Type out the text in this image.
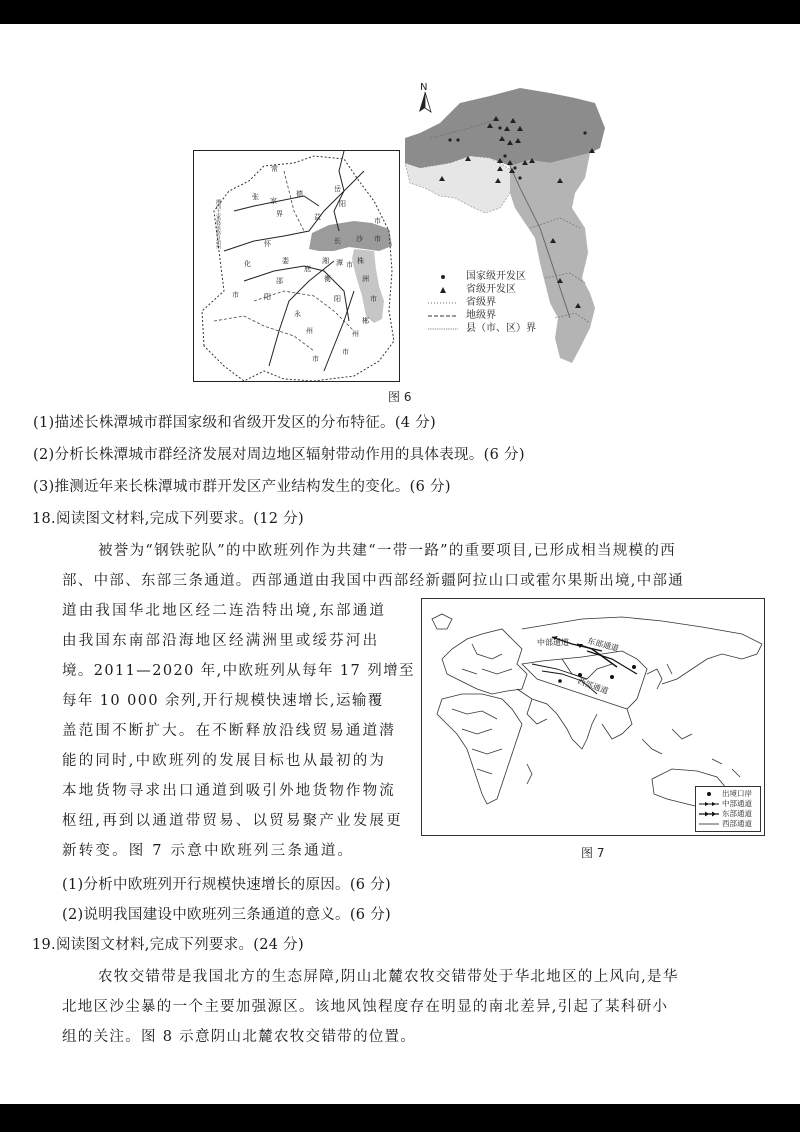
常
张 家
界
德
岳
阳
益	市
长 沙 市
株
洲
市
湘 潭 市
怀
化	娄
底
邵
阳
市
衡
阳
永
州
市
郴
州
市
湘西土家族苗族自治州
N
国家级开发区
省级开发区
省级界
地级界
县（市、区）界
图 6
(1)描述长株潭城市群国家级和省级开发区的分布特征。(4 分)
(2)分析长株潭城市群经济发展对周边地区辐射带动作用的具体表现。(6 分)
(3)推测近年来长株潭城市群开发区产业结构发生的变化。(6 分)
18.阅读图文材料,完成下列要求。(12 分)
被誉为“钢铁驼队”的中欧班列作为共建“一带一路”的重要项目,已形成相当规模的西
部、中部、东部三条通道。西部通道由我国中西部经新疆阿拉山口或霍尔果斯出境,中部通
道由我国华北地区经二连浩特出境,东部通道
由我国东南部沿海地区经满洲里或绥芬河出
境。2011—2020 年,中欧班列从每年 17 列增至
每年 10 000 余列,开行规模快速增长,运输覆
盖范围不断扩大。在不断释放沿线贸易通道潜
能的同时,中欧班列的发展目标也从最初的为
本地货物寻求出口通道到吸引外地货物作物流
枢纽,再到以通道带贸易、以贸易聚产业发展更
新转变。图 7 示意中欧班列三条通道。
中部通道 东部通道
西部通道
出境口岸
中部通道
东部通道
西部通道
图 7
(1)分析中欧班列开行规模快速增长的原因。(6 分)
(2)说明我国建设中欧班列三条通道的意义。(6 分)
19.阅读图文材料,完成下列要求。(24 分)
农牧交错带是我国北方的生态屏障,阴山北麓农牧交错带处于华北地区的上风向,是华
北地区沙尘暴的一个主要加强源区。该地风蚀程度存在明显的南北差异,引起了某科研小
组的关注。图 8 示意阴山北麓农牧交错带的位置。
